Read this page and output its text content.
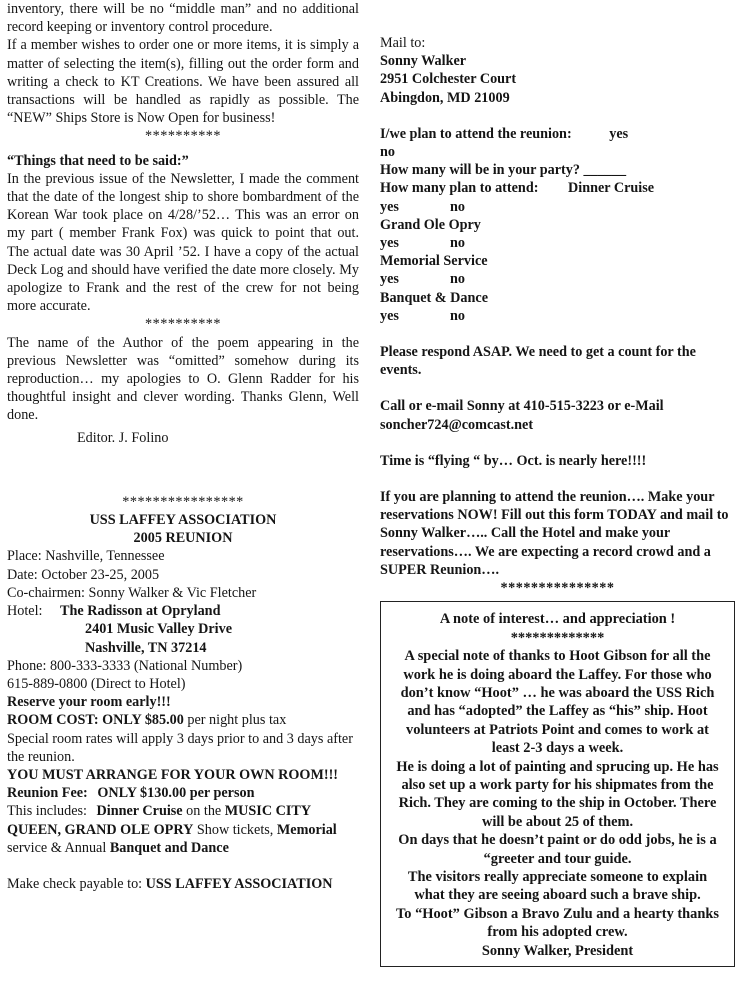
inventory, there will be no “middle man” and no additional record keeping or inventory control procedure.

If a member wishes to order one or more items, it is simply a matter of selecting the item(s), filling out the order form and writing a check to KT Creations. We have been assured all transactions will be handled as rapidly as possible. The “NEW” Ships Store is Now Open for business!

**********

“Things that need to be said:”

In the previous issue of the Newsletter, I made the comment that the date of the longest ship to shore bombardment of the Korean War took place on 4/28/’52… This was an error on my part ( member Frank Fox) was quick to point that out. The actual date was 30 April ’52. I have a copy of the actual Deck Log and should have verified the date more closely. My apologize to Frank and the rest of the crew for not being more accurate.

**********

The name of the Author of the poem appearing in the previous Newsletter was “omitted” somehow during its reproduction… my apologies to O. Glenn Radder for his thoughtful insight and clever wording. Thanks Glenn, Well done.

Editor. J. Folino

****************

USS LAFFEY ASSOCIATION

2005 REUNION

Place: Nashville, Tennessee

Date: October 23-25, 2005

Co-chairmen: Sonny Walker & Vic Fletcher

Hotel: The Radisson at Opryland

2401 Music Valley Drive

Nashville, TN 37214

Phone: 800-333-3333 (National Number)

615-889-0800 (Direct to Hotel)

Reserve your room early!!!

ROOM COST: ONLY $85.00 per night plus tax

Special room rates will apply 3 days prior to and 3 days after the reunion.

YOU MUST ARRANGE FOR YOUR OWN ROOM!!!

Reunion Fee: ONLY $130.00 per person

This includes: Dinner Cruise on the MUSIC CITY QUEEN, GRAND OLE OPRY Show tickets, Memorial service & Annual Banquet and Dance

Make check payable to: USS LAFFEY ASSOCIATION

Mail to:

Sonny Walker

2951 Colchester Court

Abingdon, MD 21009

I/we plan to attend the reunion:	yes

no

How many will be in your party? ______

How many plan to attend: Dinner Cruise

yes	no

Grand Ole Opry

yes	no

Memorial Service

yes	no

Banquet & Dance

yes	no

Please respond ASAP. We need to get a count for the events.

Call or e-mail Sonny at 410-515-3223 or e-Mail soncher724@comcast.net

Time is “flying “ by… Oct. is nearly here!!!!

If you are planning to attend the reunion…. Make your reservations NOW! Fill out this form TODAY and mail to Sonny Walker….. Call the Hotel and make your reservations…. We are expecting a record crowd and a SUPER Reunion….

***************

A note of interest… and appreciation !

*************

A special note of thanks to Hoot Gibson for all the work he is doing aboard the Laffey. For those who don’t know “Hoot” … he was aboard the USS Rich and has “adopted” the Laffey as “his” ship. Hoot volunteers at Patriots Point and comes to work at least 2-3 days a week.

He is doing a lot of painting and sprucing up. He has also set up a work party for his shipmates from the Rich. They are coming to the ship in October. There will be about 25 of them.

On days that he doesn’t paint or do odd jobs, he is a “greeter and tour guide.

The visitors really appreciate someone to explain what they are seeing aboard such a brave ship.

To “Hoot” Gibson a Bravo Zulu and a hearty thanks from his adopted crew.

Sonny Walker, President
